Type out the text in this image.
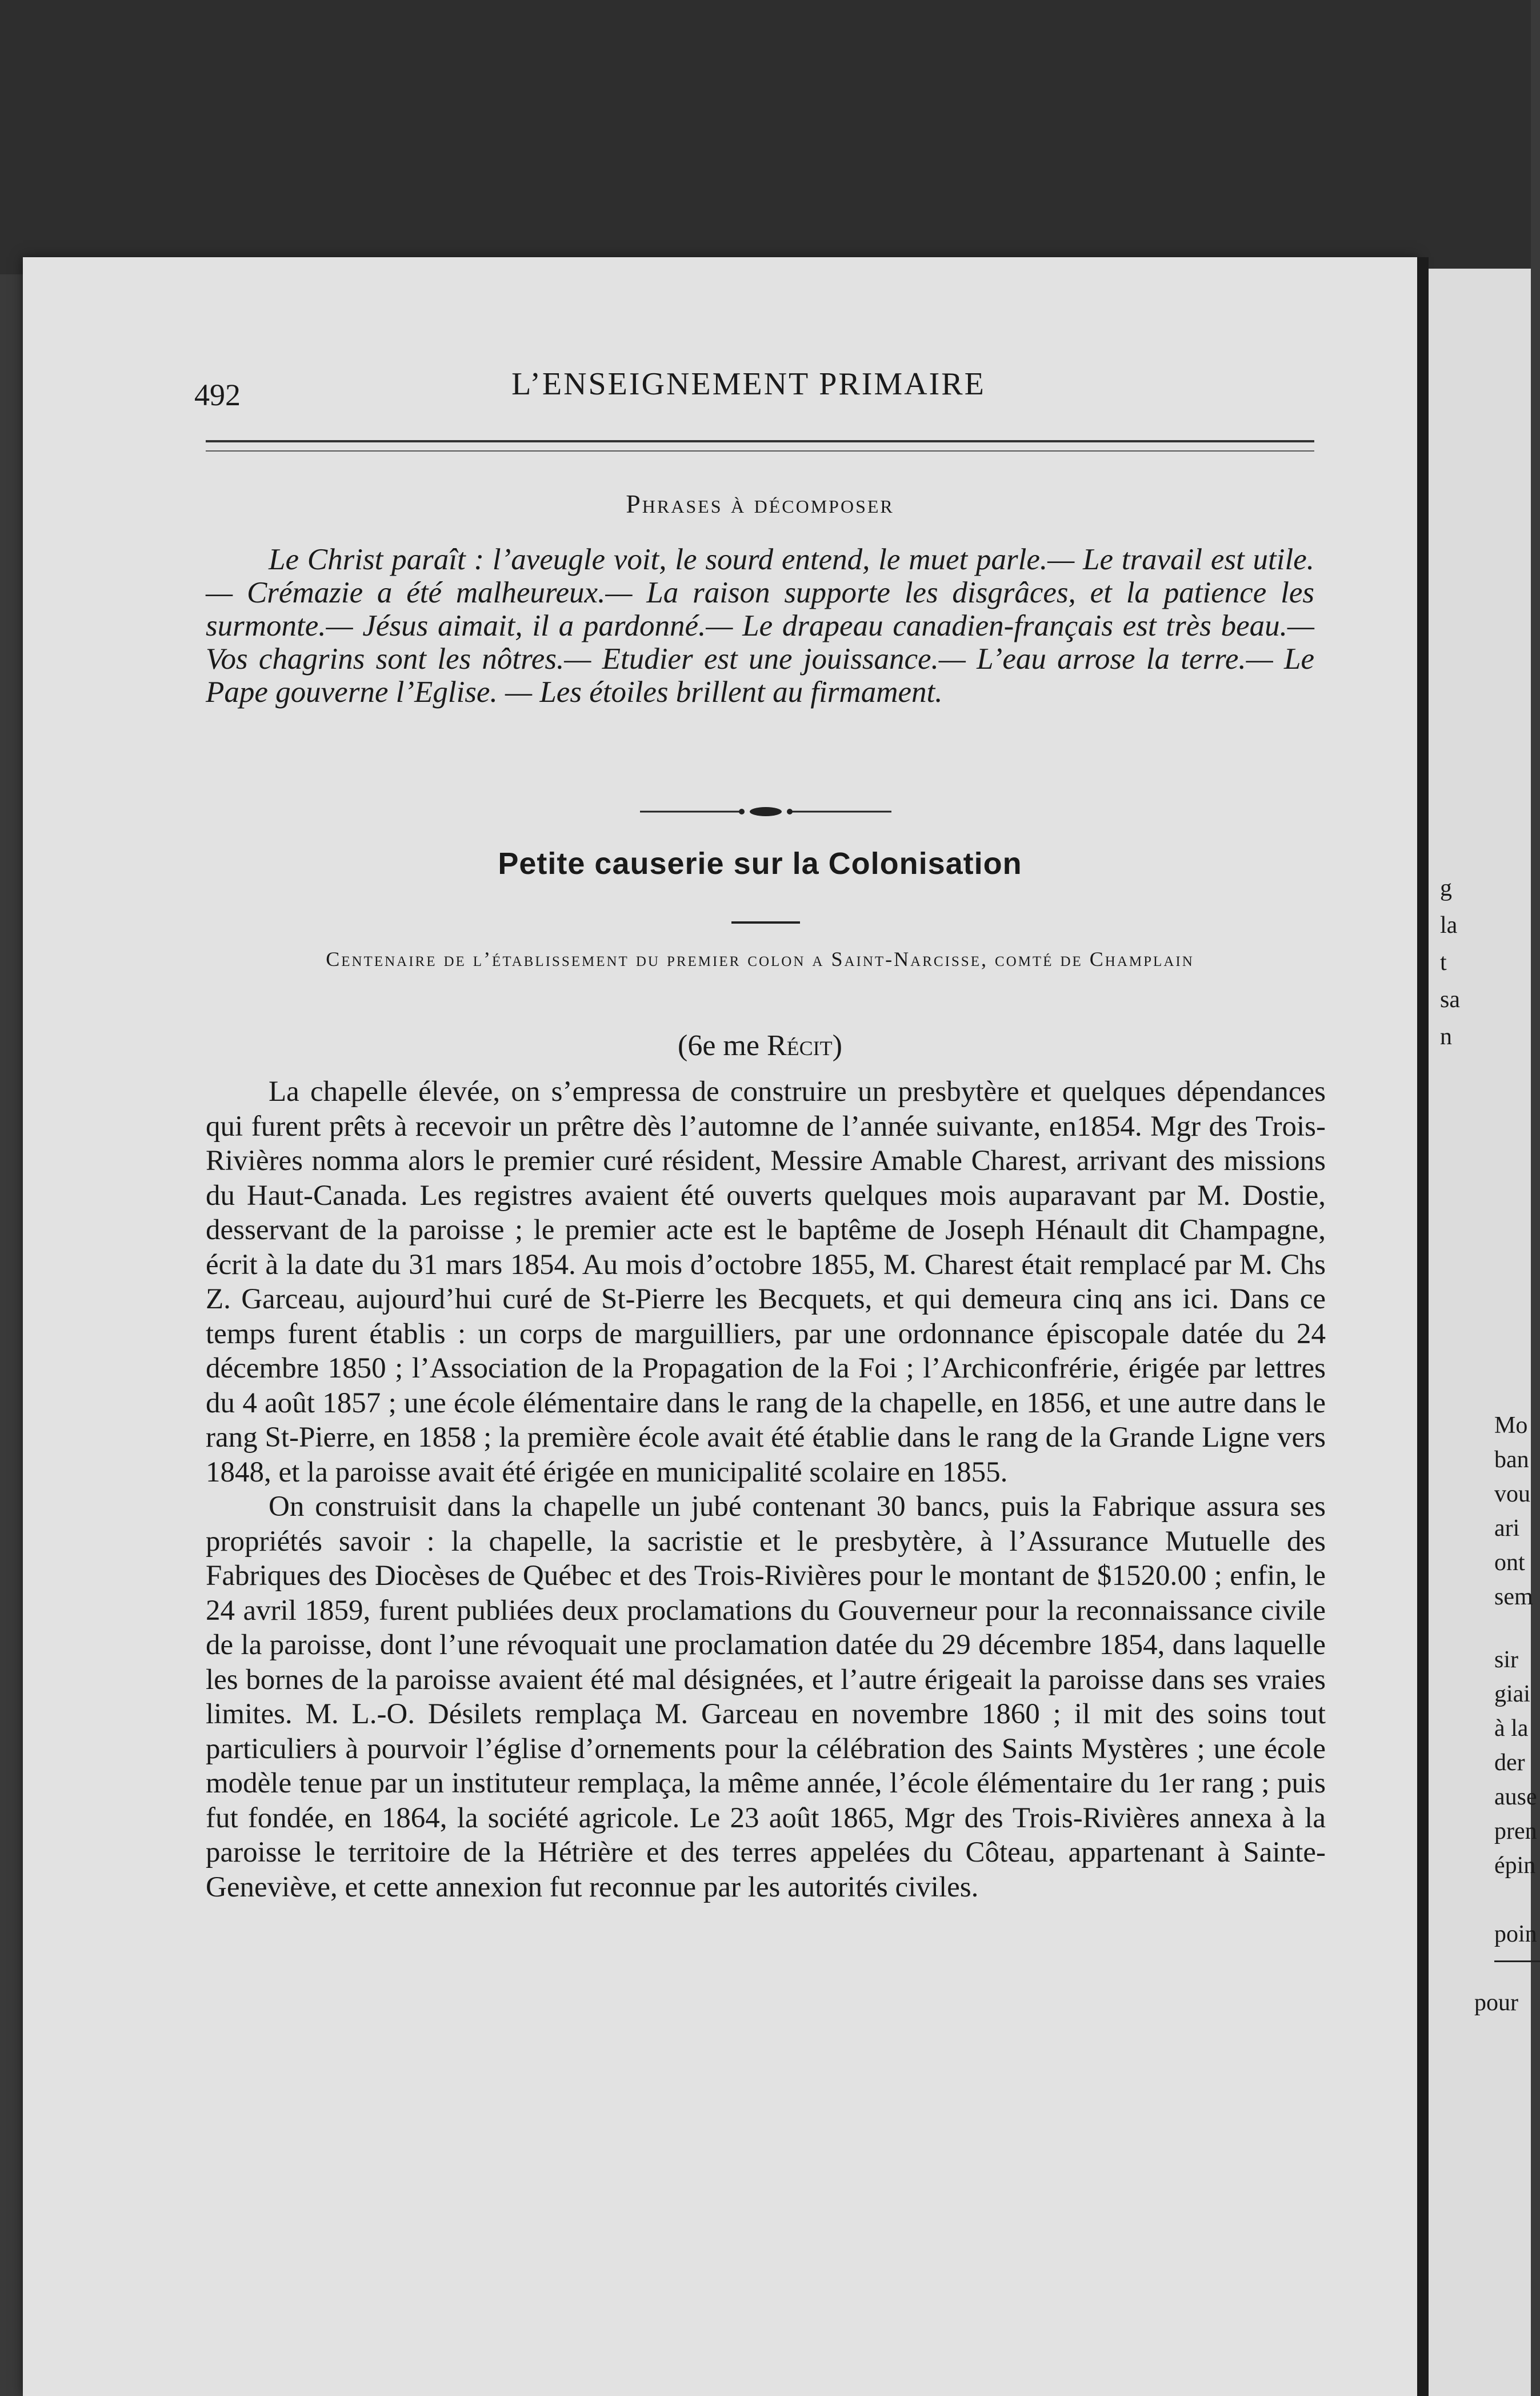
g
la
t
sa
n
Mo
ban
vou
ari
ont
sem
sir
giai
à la
der
ause
pren
épin
poin
pour
492	L’ENSEIGNEMENT PRIMAIRE
Phrases à décomposer
Le Christ paraît : l’aveugle voit, le sourd entend, le muet parle.— Le travail est utile.— Crémazie a été malheureux.— La raison supporte les disgrâces, et la patience les surmonte.— Jésus aimait, il a pardonné.— Le drapeau canadien-français est très beau.— Vos chagrins sont les nôtres.— Etudier est une jouissance.— L’eau arrose la terre.— Le Pape gouverne l’Eglise. — Les étoiles brillent au firmament.
Petite causerie sur la Colonisation
Centenaire de l’établissement du premier colon a Saint-Narcisse, comté de Champlain
(6e me Récit)

La chapelle élevée, on s’empressa de construire un presbytère et quelques dépendances qui furent prêts à recevoir un prêtre dès l’automne de l’année suivante, en1854. Mgr des Trois-Rivières nomma alors le premier curé résident, Messire Amable Charest, arrivant des missions du Haut-Canada. Les registres avaient été ouverts quelques mois auparavant par M. Dostie, desservant de la paroisse ; le premier acte est le baptême de Joseph Hénault dit Champagne, écrit à la date du 31 mars 1854. Au mois d’octobre 1855, M. Charest était remplacé par M. Chs Z. Garceau, aujourd’hui curé de St-Pierre les Becquets, et qui demeura cinq ans ici. Dans ce temps furent établis : un corps de marguilliers, par une ordonnance épiscopale datée du 24 décembre 1850 ; l’Association de la Propagation de la Foi ; l’Archiconfrérie, érigée par lettres du 4 août 1857 ; une école élémentaire dans le rang de la chapelle, en 1856, et une autre dans le rang St-Pierre, en 1858 ; la première école avait été établie dans le rang de la Grande Ligne vers 1848, et la paroisse avait été érigée en municipalité scolaire en 1855.

On construisit dans la chapelle un jubé contenant 30 bancs, puis la Fabrique assura ses propriétés savoir : la chapelle, la sacristie et le presbytère, à l’Assurance Mutuelle des Fabriques des Diocèses de Québec et des Trois-Rivières pour le montant de $1520.00 ; enfin, le 24 avril 1859, furent publiées deux proclamations du Gouverneur pour la reconnaissance civile de la paroisse, dont l’une révoquait une proclamation datée du 29 décembre 1854, dans laquelle les bornes de la paroisse avaient été mal désignées, et l’autre érigeait la paroisse dans ses vraies limites. M. L.-O. Désilets remplaça M. Garceau en novembre 1860 ; il mit des soins tout particuliers à pourvoir l’église d’ornements pour la célébration des Saints Mystères ; une école modèle tenue par un instituteur remplaça, la même année, l’école élémentaire du 1er rang ; puis fut fondée, en 1864, la société agricole. Le 23 août 1865, Mgr des Trois-Rivières annexa à la paroisse le territoire de la Hétrière et des terres appelées du Côteau, appartenant à Sainte-Geneviève, et cette annexion fut reconnue par les autorités civiles.
